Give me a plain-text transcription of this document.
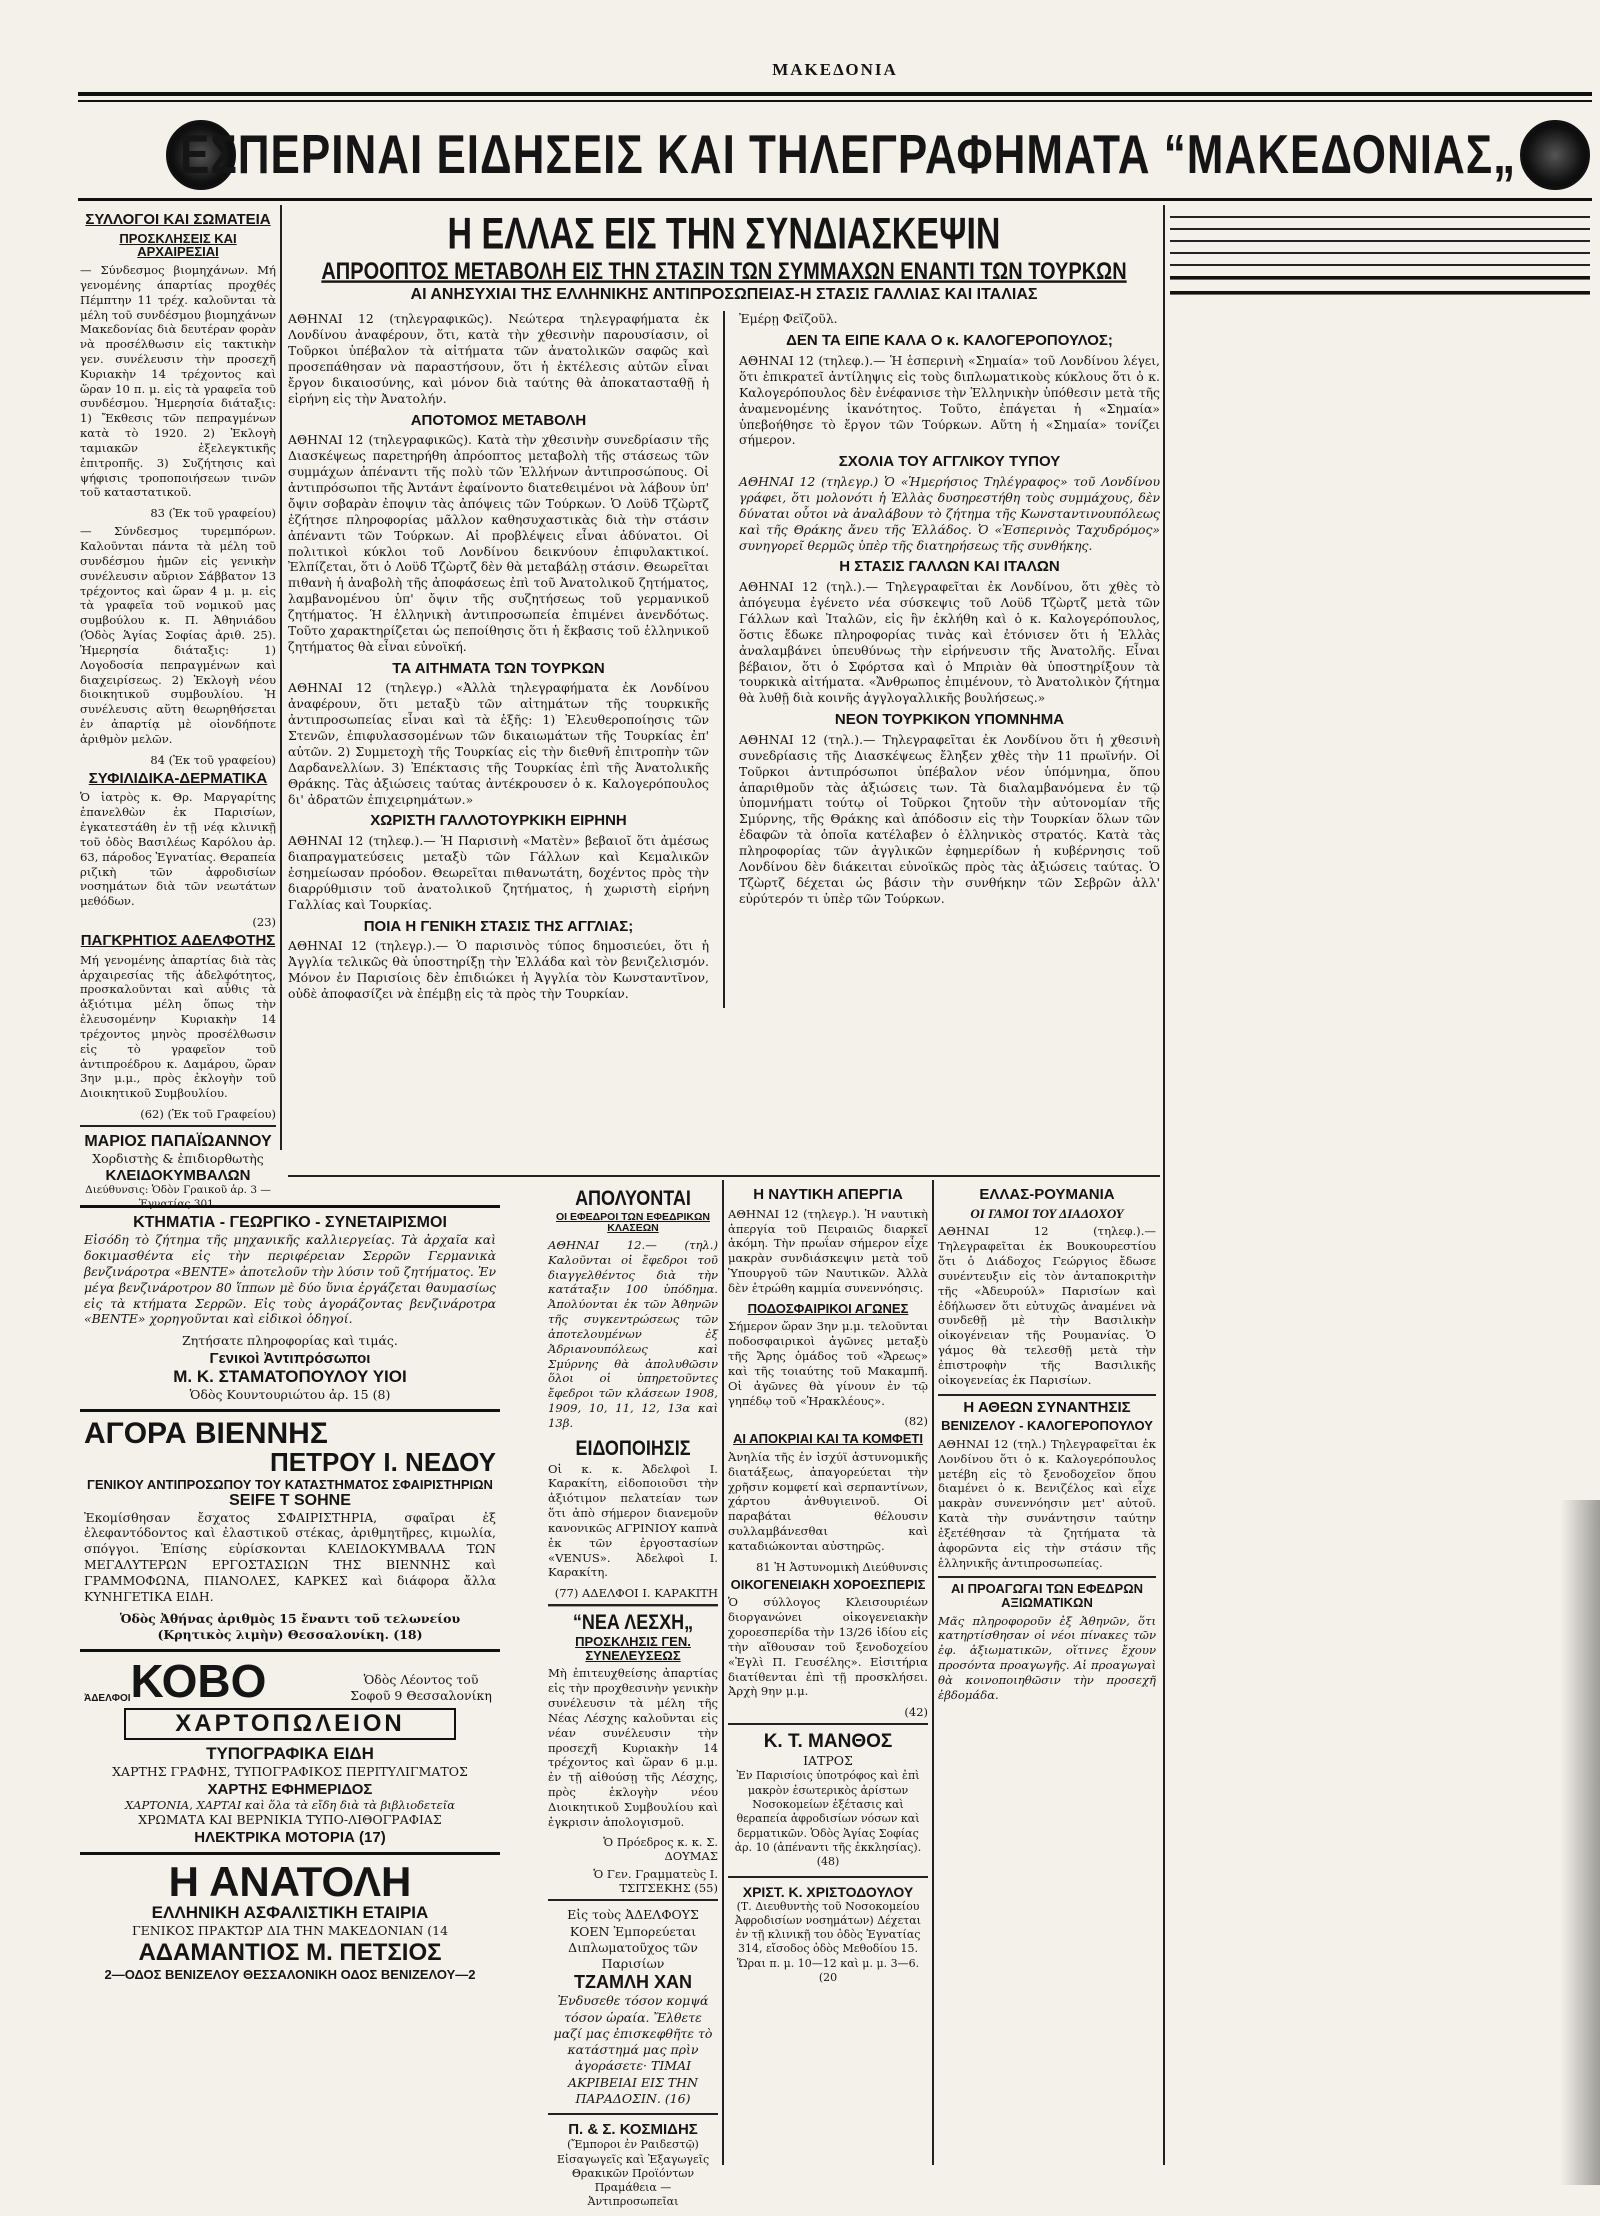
ΜΑΚΕΔΟΝΙΑ
ΕΣΠΕΡΙΝΑΙ ΕΙΔΗΣΕΙΣ ΚΑΙ ΤΗΛΕΓΡΑΦΗΜΑΤΑ “ΜΑΚΕΔΟΝΙΑΣ„
ΣΥΛΛΟΓΟΙ ΚΑΙ ΣΩΜΑΤΕΙΑ
ΠΡΟΣΚΛΗΣΕΙΣ ΚΑΙ ΑΡΧΑΙΡΕΣΙΑΙ

— Σύνδεσμος βιομηχάνων. Μή γενομένης άπαρτίας προχθές Πέμπτην 11 τρέχ. καλοῦνται τὰ μέλη τοῦ συνδέσμου βιομηχάνων Μακεδονίας διὰ δευτέραν φορὰν νὰ προσέλθωσιν εἰς τακτικὴν γεν. συνέλευσιν τὴν προσεχῆ Κυριακὴν 14 τρέχοντος καὶ ὥραν 10 π. μ. εἰς τὰ γραφεῖα τοῦ συνδέσμου. Ἡμερησία διάταξις: 1) Ἔκθεσις τῶν πεπραγμένων κατὰ τὸ 1920. 2) Ἐκλογὴ ταμιακῶν ἐξελεγκτικῆς ἐπιτροπῆς. 3) Συζήτησις καὶ ψήφισις τροποποιήσεων τινῶν τοῦ καταστατικοῦ.

83 (Ἐκ τοῦ γραφείου)

— Σύνδεσμος τυρεμπόρων. Καλοῦνται πάντα τὰ μέλη τοῦ συνδέσμου ἡμῶν εἰς γενικὴν συνέλευσιν αὔριον Σάββατον 13 τρέχοντος καὶ ὥραν 4 μ. μ. εἰς τὰ γραφεῖα τοῦ νομικοῦ μας συμβούλου κ. Π. Ἀθηνιάδου (Ὁδὸς Ἁγίας Σοφίας ἀριθ. 25). Ἡμερησία διάταξις: 1) Λογοδοσία πεπραγμένων καὶ διαχειρίσεως. 2) Ἐκλογὴ νέου διοικητικοῦ συμβουλίου. Ἡ συνέλευσις αὕτη θεωρηθήσεται ἐν ἀπαρτίᾳ μὲ οἱονδήποτε ἀριθμὸν μελῶν.

84 (Ἐκ τοῦ γραφείου)
ΣΥΦΙΛΙΔΙΚΑ-ΔΕΡΜΑΤΙΚΑ

Ὁ ἰατρὸς κ. Θρ. Μαργαρίτης ἐπανελθὼν ἐκ Παρισίων, ἐγκατεστάθη ἐν τῇ νέᾳ κλινικῇ τοῦ ὁδὸς Βασιλέως Καρόλου ἀρ. 63, πάροδος Ἐγνατίας. Θεραπεία ριζικὴ τῶν ἀφροδισίων νοσημάτων διὰ τῶν νεωτάτων μεθόδων.

(23)
ΠΑΓΚΡΗΤΙΟΣ ΑΔΕΛΦΟΤΗΣ

Μή γενομένης ἀπαρτίας διὰ τὰς ἀρχαιρεσίας τῆς ἀδελφότητος, προσκαλοῦνται καὶ αὖθις τὰ ἀξιότιμα μέλη ὅπως τὴν ἐλευσομένην Κυριακὴν 14 τρέχοντος μηνὸς προσέλθωσιν εἰς τὸ γραφεῖον τοῦ ἀντιπροέδρου κ. Δαμάρου, ὥραν 3ην μ.μ., πρὸς ἐκλογὴν τοῦ Διοικητικοῦ Συμβουλίου.

(62) (Ἐκ τοῦ Γραφείου)
ΜΑΡΙΟΣ ΠΑΠΑΪΩΑΝΝΟΥ
Χορδιστὴς & ἐπιδιορθωτὴς
ΚΛΕΙΔΟΚΥΜΒΑΛΩΝ
Διεύθυνσις: Ὁδὸν Γραικοῦ ἀρ. 3 — Ἐγνατίας 301.
ΚΤΗΜΑΤΙΑ - ΓΕΩΡΓΙΚΟ - ΣΥΝΕΤΑΙΡΙΣΜΟΙ

Εἰσόδη τὸ ζήτημα τῆς μηχανικῆς καλλιεργείας. Τὰ ἀρχαῖα καὶ δοκιμασθέντα εἰς τὴν περιφέρειαν Σερρῶν Γερμανικὰ βενζινάροτρα «ΒΕΝΤΕ» ἀποτελοῦν τὴν λύσιν τοῦ ζητήματος. Ἐν μέγα βενζινάροτρον 80 ἵππων μὲ δύο ὕνια ἐργάζεται θαυμασίως εἰς τὰ κτήματα Σερρῶν. Εἰς τοὺς ἀγοράζοντας βενζινάροτρα «ΒΕΝΤΕ» χορηγοῦνται καὶ εἰδικοὶ ὁδηγοί.

Ζητήσατε πληροφορίας καὶ τιμάς.
Γενικοὶ Ἀντιπρόσωποι
Μ. Κ. ΣΤΑΜΑΤΟΠΟΥΛΟΥ ΥΙΟΙ
Ὁδὸς Κουντουριώτου ἀρ. 15 (8)
ΑΓΟΡΑ ΒΙΕΝΝΗΣ
ΠΕΤΡΟΥ Ι. ΝΕΔΟΥ
ΓΕΝΙΚΟΥ ΑΝΤΙΠΡΟΣΩΠΟΥ ΤΟΥ ΚΑΤΑΣΤΗΜΑΤΟΣ ΣΦΑΙΡΙΣΤΗΡΙΩΝ
SEIFE T SOHNE

Ἐκομίσθησαν ἔσχατος ΣΦΑΙΡΙΣΤΗΡΙΑ, σφαῖραι ἐξ ἐλεφαντόδοντος καὶ ἐλαστικοῦ στέκας, ἀριθμητῆρες, κιμωλία, σπόγγοι. Ἐπίσης εὑρίσκονται ΚΛΕΙΔΟΚΥΜΒΑΛΑ ΤΩΝ ΜΕΓΑΛΥΤΕΡΩΝ ΕΡΓΟΣΤΑΣΙΩΝ ΤΗΣ ΒΙΕΝΝΗΣ καὶ ΓΡΑΜΜΟΦΩΝΑ, ΠΙΑΝΟΛΕΣ, ΚΑΡΚΕΣ καὶ διάφορα ἄλλα ΚΥΝΗΓΕΤΙΚΑ ΕΙΔΗ.

Ὁδὸς Ἀθήνας ἀριθμὸς 15 ἔναντι τοῦ τελωνείου (Κρητικὸς λιμὴν) Θεσσαλονίκη. (18)
ἈΔΕΛΦΟΙ ΚΟΒΟ	Ὁδὸς Λέοντος τοῦ Σοφοῦ 9 Θεσσαλονίκη
ΧΑΡΤΟΠΩΛΕΙΟΝ
ΤΥΠΟΓΡΑΦΙΚΑ ΕΙΔΗ
ΧΑΡΤΗΣ ΓΡΑΦΗΣ, ΤΥΠΟΓΡΑΦΙΚΟΣ ΠΕΡΙΤΥΛΙΓΜΑΤΟΣ
ΧΑΡΤΗΣ ΕΦΗΜΕΡΙΔΟΣ
ΧΑΡΤΟΝΙΑ, ΧΑΡΤΑΙ καὶ ὅλα τὰ εἴδη διὰ τὰ βιβλιοδετεῖα
ΧΡΩΜΑΤΑ ΚΑΙ ΒΕΡΝΙΚΙΑ ΤΥΠΟ-ΛΙΘΟΓΡΑΦΙΑΣ
ΗΛΕΚΤΡΙΚΑ ΜΟΤΟΡΙΑ (17)
Η ΑΝΑΤΟΛΗ
ΕΛΛΗΝΙΚΗ ΑΣΦΑΛΙΣΤΙΚΗ ΕΤΑΙΡΙΑ
ΓΕΝΙΚΟΣ ΠΡΑΚΤΩΡ ΔΙΑ ΤΗΝ ΜΑΚΕΔΟΝΙΑΝ (14
ΑΔΑΜΑΝΤΙΟΣ Μ. ΠΕΤΣΙΟΣ
2—ΟΔΟΣ ΒΕΝΙΖΕΛΟΥ ΘΕΣΣΑΛΟΝΙΚΗ ΟΔΟΣ ΒΕΝΙΖΕΛΟΥ—2
Η ΕΛΛΑΣ ΕΙΣ ΤΗΝ ΣΥΝΔΙΑΣΚΕΨΙΝ
ΑΠΡΟΟΠΤΟΣ ΜΕΤΑΒΟΛΗ ΕΙΣ ΤΗΝ ΣΤΑΣΙΝ ΤΩΝ ΣΥΜΜΑΧΩΝ ΕΝΑΝΤΙ ΤΩΝ ΤΟΥΡΚΩΝ
ΑΙ ΑΝΗΣΥΧΙΑΙ ΤΗΣ ΕΛΛΗΝΙΚΗΣ ΑΝΤΙΠΡΟΣΩΠΕΙΑΣ-Η ΣΤΑΣΙΣ ΓΑΛΛΙΑΣ ΚΑΙ ΙΤΑΛΙΑΣ

ΑΘΗΝΑΙ 12 (τηλεγραφικῶς). Νεώτερα τηλεγραφήματα ἐκ Λονδίνου ἀναφέρουν, ὅτι, κατὰ τὴν χθεσινὴν παρουσίασιν, οἱ Τοῦρκοι ὑπέβαλον τὰ αἰτήματα τῶν ἀνατολικῶν σαφῶς καὶ προσεπάθησαν νὰ παραστήσουν, ὅτι ἡ ἐκτέλεσις αὐτῶν εἶναι ἔργον δικαιοσύνης, καὶ μόνον διὰ ταύτης θὰ ἀποκατασταθῇ ἡ εἰρήνη εἰς τὴν Ἀνατολήν.

ΑΠΟΤΟΜΟΣ ΜΕΤΑΒΟΛΗ

ΑΘΗΝΑΙ 12 (τηλεγραφικῶς). Κατὰ τὴν χθεσινὴν συνεδρίασιν τῆς Διασκέψεως παρετηρήθη ἀπρόοπτος μεταβολὴ τῆς στάσεως τῶν συμμάχων ἀπέναντι τῆς πολὺ τῶν Ἑλλήνων ἀντιπροσώπους. Οἱ ἀντιπρόσωποι τῆς Ἀντάντ ἐφαίνοντο διατεθειμένοι νὰ λάβουν ὑπ' ὄψιν σοβαρὰν ἐποψιν τὰς ἀπόψεις τῶν Τούρκων. Ὁ Λοϋδ Τζὼρτζ ἐζήτησε πληροφορίας μᾶλλον καθησυχαστικὰς διὰ τὴν στάσιν ἀπέναντι τῶν Τούρκων. Αἱ προβλέψεις εἶναι ἀδύνατοι. Οἱ πολιτικοὶ κύκλοι τοῦ Λονδίνου δεικνύουν ἐπιφυλακτικοί. Ἐλπίζεται, ὅτι ὁ Λοϋδ Τζὼρτζ δὲν θὰ μεταβάλῃ στάσιν. Θεωρεῖται πιθανὴ ἡ ἀναβολὴ τῆς ἀποφάσεως ἐπὶ τοῦ Ἀνατολικοῦ ζητήματος, λαμβανομένου ὑπ' ὄψιν τῆς συζητήσεως τοῦ γερμανικοῦ ζητήματος. Ἡ ἑλληνικὴ ἀντιπροσωπεία ἐπιμένει ἀνενδότως. Τοῦτο χαρακτηρίζεται ὡς πεποίθησις ὅτι ἡ ἔκβασις τοῦ ἑλληνικοῦ ζητήματος θὰ εἶναι εὐνοϊκή.

ΤΑ ΑΙΤΗΜΑΤΑ ΤΩΝ ΤΟΥΡΚΩΝ

ΑΘΗΝΑΙ 12 (τηλεγρ.) «Ἀλλὰ τηλεγραφήματα ἐκ Λονδίνου ἀναφέρουν, ὅτι μεταξὺ τῶν αἰτημάτων τῆς τουρκικῆς ἀντιπροσωπείας εἶναι καὶ τὰ ἑξῆς: 1) Ἐλευθεροποίησις τῶν Στενῶν, ἐπιφυλασσομένων τῶν δικαιωμάτων τῆς Τουρκίας ἐπ' αὐτῶν. 2) Συμμετοχὴ τῆς Τουρκίας εἰς τὴν διεθνῆ ἐπιτροπὴν τῶν Δαρδανελλίων. 3) Ἐπέκτασις τῆς Τουρκίας ἐπὶ τῆς Ἀνατολικῆς Θράκης. Τὰς ἀξιώσεις ταύτας ἀντέκρουσεν ὁ κ. Καλογερόπουλος δι' ἀδρατῶν ἐπιχειρημάτων.»

ΧΩΡΙΣΤΗ ΓΑΛΛΟΤΟΥΡΚΙΚΗ ΕΙΡΗΝΗ

ΑΘΗΝΑΙ 12 (τηλεφ.).— Ἡ Παρισινὴ «Ματὲν» βεβαιοῖ ὅτι ἀμέσως διαπραγματεύσεις μεταξὺ τῶν Γάλλων καὶ Κεμαλικῶν ἐσημείωσαν πρόοδον. Θεωρεῖται πιθανωτάτη, δοχέντος πρὸς τὴν διαρρύθμισιν τοῦ ἀνατολικοῦ ζητήματος, ἡ χωριστὴ εἰρήνη Γαλλίας καὶ Τουρκίας.

ΠΟΙΑ Η ΓΕΝΙΚΗ ΣΤΑΣΙΣ ΤΗΣ ΑΓΓΛΙΑΣ;

ΑΘΗΝΑΙ 12 (τηλεγρ.).— Ὁ παρισινὸς τύπος δημοσιεύει, ὅτι ἡ Ἀγγλία τελικῶς θὰ ὑποστηρίξῃ τὴν Ἑλλάδα καὶ τὸν βενιζελισμόν. Μόνον ἐν Παρισίοις δὲν ἐπιδιώκει ἡ Ἀγγλία τὸν Κωνσταντῖνον, οὐδὲ ἀποφασίζει νὰ ἐπέμβῃ εἰς τὰ πρὸς τὴν Τουρκίαν.

Ἐμέρῃ Φεϊζοῦλ.

ΔΕΝ ΤΑ ΕΙΠΕ ΚΑΛΑ Ο κ. ΚΑΛΟΓΕΡΟΠΟΥΛΟΣ;

ΑΘΗΝΑΙ 12 (τηλεφ.).— Ἡ ἑσπερινὴ «Σημαία» τοῦ Λονδίνου λέγει, ὅτι ἐπικρατεῖ ἀντίληψις εἰς τοὺς διπλωματικοὺς κύκλους ὅτι ὁ κ. Καλογερόπουλος δὲν ἐνέφανισε τὴν Ἑλληνικὴν ὑπόθεσιν μετὰ τῆς ἀναμενομένης ἱκανότητος. Τοῦτο, ἐπάγεται ἡ «Σημαία» ὑπεβοήθησε τὸ ἔργον τῶν Τούρκων. Αὕτη ἡ «Σημαία» τονίζει σήμερον.

ΣΧΟΛΙΑ ΤΟΥ ΑΓΓΛΙΚΟΥ ΤΥΠΟΥ

ΑΘΗΝΑΙ 12 (τηλεγρ.) Ὁ «Ἡμερήσιος Τηλέγραφος» τοῦ Λονδίνου γράφει, ὅτι μολονότι ἡ Ἑλλὰς δυσηρεστήθη τοὺς συμμάχους, δὲν δύναται οὗτοι νὰ ἀναλάβουν τὸ ζήτημα τῆς Κωνσταντινουπόλεως καὶ τῆς Θράκης ἄνευ τῆς Ἑλλάδος. Ὁ «Ἐσπερινὸς Ταχυδρόμος» συνηγορεῖ θερμῶς ὑπὲρ τῆς διατηρήσεως τῆς συνθήκης.

Η ΣΤΑΣΙΣ ΓΑΛΛΩΝ ΚΑΙ ΙΤΑΛΩΝ

ΑΘΗΝΑΙ 12 (τηλ.).— Τηλεγραφεῖται ἐκ Λονδίνου, ὅτι χθὲς τὸ ἀπόγευμα ἐγένετο νέα σύσκεψις τοῦ Λοϋδ Τζὼρτζ μετὰ τῶν Γάλλων καὶ Ἰταλῶν, εἰς ἣν ἐκλήθη καὶ ὁ κ. Καλογερόπουλος, ὅστις ἔδωκε πληροφορίας τινὰς καὶ ἐτόνισεν ὅτι ἡ Ἑλλὰς ἀναλαμβάνει ὑπευθύνως τὴν εἰρήνευσιν τῆς Ἀνατολῆς. Εἶναι βέβαιον, ὅτι ὁ Σφόρτσα καὶ ὁ Μπριὰν θὰ ὑποστηρίξουν τὰ τουρκικὰ αἰτήματα. «Ἄνθρωπος ἐπιμένουν, τὸ Ἀνατολικὸν ζήτημα θὰ λυθῇ διὰ κοινῆς ἀγγλογαλλικῆς βουλήσεως.»

ΝΕΟΝ ΤΟΥΡΚΙΚΟΝ ΥΠΟΜΝΗΜΑ

ΑΘΗΝΑΙ 12 (τηλ.).— Τηλεγραφεῖται ἐκ Λονδίνου ὅτι ἡ χθεσινὴ συνεδρίασις τῆς Διασκέψεως ἔληξεν χθὲς τὴν 11 πρωϊνήν. Οἱ Τοῦρκοι ἀντιπρόσωποι ὑπέβαλον νέον ὑπόμνημα, ὅπου ἀπαριθμοῦν τὰς ἀξιώσεις των. Τὰ διαλαμβανόμενα ἐν τῷ ὑπομνήματι τούτῳ οἱ Τοῦρκοι ζητοῦν τὴν αὐτονομίαν τῆς Σμύρνης, τῆς Θράκης καὶ ἀπόδοσιν εἰς τὴν Τουρκίαν ὅλων τῶν ἐδαφῶν τὰ ὁποῖα κατέλαβεν ὁ ἑλληνικὸς στρατός. Κατὰ τὰς πληροφορίας τῶν ἀγγλικῶν ἐφημερίδων ἡ κυβέρνησις τοῦ Λονδίνου δὲν διάκειται εὐνοϊκῶς πρὸς τὰς ἀξιώσεις ταύτας. Ὁ Τζὼρτζ δέχεται ὡς βάσιν τὴν συνθήκην τῶν Σεβρῶν ἀλλ' εὐρύτερόν τι ὑπὲρ τῶν Τούρκων.

ΑΠΟΛΥΟΝΤΑΙ
ΟΙ ΕΦΕΔΡΟΙ ΤΩΝ ΕΦΕΔΡΙΚΩΝ ΚΛΑΣΕΩΝ

ΑΘΗΝΑΙ 12.— (τηλ.) Καλοῦνται οἱ ἔφεδροι τοῦ διαγγελθέντος διὰ τὴν κατάταξιν 100 ὑπόδημα. Ἀπολύονται ἐκ τῶν Ἀθηνῶν τῆς συγκεντρώσεως τῶν ἀποτελουμένων ἐξ Ἀδριανουπόλεως καὶ Σμύρνης θὰ ἀπολυθῶσιν ὅλοι οἱ ὑπηρετοῦντες ἔφεδροι τῶν κλάσεων 1908, 1909, 10, 11, 12, 13α καὶ 13β.

ΕΙΔΟΠΟΙΗΣΙΣ

Οἱ κ. κ. Ἀδελφοὶ Ι. Καρακίτη, εἰδοποιοῦσι τὴν ἀξιότιμον πελατείαν των ὅτι ἀπὸ σήμερον διανεμοῦν κανονικῶς ΑΓΡΙΝΙΟΥ καπνὰ ἐκ τῶν ἐργοστασίων «VENUS». Ἀδελφοὶ Ι. Καρακίτη.

(77) ΑΔΕΛΦΟΙ Ι. ΚΑΡΑΚΙΤΗ
“ΝΕΑ ΛΕΣΧΗ„
ΠΡΟΣΚΛΗΣΙΣ ΓΕΝ. ΣΥΝΕΛΕΥΣΕΩΣ

Μὴ ἐπιτευχθείσης ἀπαρτίας εἰς τὴν προχθεσινὴν γενικὴν συνέλευσιν τὰ μέλη τῆς Νέας Λέσχης καλοῦνται εἰς νέαν συνέλευσιν τὴν προσεχῆ Κυριακὴν 14 τρέχοντος καὶ ὥραν 6 μ.μ. ἐν τῇ αἰθούσῃ τῆς Λέσχης, πρὸς ἐκλογὴν νέου Διοικητικοῦ Συμβουλίου καὶ ἐγκρισιν ἀπολογισμοῦ.

Ὁ Πρόεδρος κ. κ. Σ. ΔΟΥΜΑΣ
Ὁ Γεν. Γραμματεὺς Ι. ΤΣΙΤΣΕΚΗΣ (55)
Εἰς τοὺς ἈΔΕΛΦΟΥΣ ΚΟΕΝ Ἐμπορεύεται Διπλωματοῦχος τῶν Παρισίων
ΤΖΑΜΛΗ ΧΑΝ
Ἐνδυσεθε τόσον κομψά τόσον ὡραία. Ἔλθετε μαζί μας ἐπισκεφθῆτε τὸ κατάστημά μας πρὶν ἀγοράσετε· ΤΙΜΑΙ ΑΚΡΙΒΕΙΑΙ ΕΙΣ ΤΗΝ ΠΑΡΑΔΟΣΙΝ. (16)
Π. & Σ. ΚΟΣΜΙΔΗΣ
(Ἔμποροι ἐν Ραιδεστῷ) Εἰσαγωγεῖς καὶ Ἐξαγωγεῖς Θρακικῶν Προϊόντων Πραμάθεια — Ἀντιπροσωπεῖαι
Η ΝΑΥΤΙΚΗ ΑΠΕΡΓΙΑ

ΑΘΗΝΑΙ 12 (τηλεγρ.). Ἡ ναυτικὴ ἀπεργία τοῦ Πειραιῶς διαρκεῖ ἀκόμη. Τὴν πρωΐαν σήμερον εἶχε μακρὰν συνδιάσκεψιν μετὰ τοῦ Ὑπουργοῦ τῶν Ναυτικῶν. Ἀλλὰ δὲν ἐτρώθη καμμία συνεννόησις.

ΠΟΔΟΣΦΑΙΡΙΚΟΙ ΑΓΩΝΕΣ

Σήμερον ὥραν 3ην μ.μ. τελοῦνται ποδοσφαιρικοὶ ἀγῶνες μεταξὺ τῆς Ἄρης ὁμάδος τοῦ «Ἄρεως» καὶ τῆς τοιαύτης τοῦ Μακαμπῆ. Οἱ ἀγῶνες θὰ γίνουν ἐν τῷ γηπέδῳ τοῦ «Ἡρακλέους».

(82)
ΑΙ ΑΠΟΚΡΙΑΙ ΚΑΙ ΤΑ ΚΟΜΦΕΤΙ

Ἀνηλία τῆς ἐν ἰσχύϊ ἀστυνομικῆς διατάξεως, ἀπαγορεύεται τὴν χρῆσιν κομφετί καὶ σερπαντίνων, χάρτου ἀνθυγιεινοῦ. Οἱ παραβάται θέλουσιν συλλαμβάνεσθαι καὶ καταδιώκονται αὐστηρῶς.

81 Ἡ Ἀστυνομικὴ Διεύθυνσις
ΟΙΚΟΓΕΝΕΙΑΚΗ ΧΟΡΟΕΣΠΕΡΙΣ

Ὁ σύλλογος Κλεισουριέων διοργανώνει οἰκογενειακὴν χοροεσπερίδα τὴν 13/26 ἰδίου εἰς τὴν αἴθουσαν τοῦ ξενοδοχείου «Ἐγλὶ Π. Γευσέλης». Εἰσιτήρια διατίθενται ἐπὶ τῇ προσκλήσει. Ἀρχὴ 9ην μ.μ.

(42)
Κ. Τ. ΜΑΝΘΟΣ
ΙΑΤΡΟΣ
Ἐν Παρισίοις ὑποτρόφος καὶ ἐπὶ μακρὸν ἐσωτερικὸς ἀρίστων Νοσοκομείων ἐξέτασις καὶ θεραπεία ἀφροδισίων νόσων καὶ δερματικῶν. Ὁδὸς Ἁγίας Σοφίας ἀρ. 10 (ἀπέναντι τῆς ἐκκλησίας). (48)
ΧΡΙΣΤ. Κ. ΧΡΙΣΤΟΔΟΥΛΟΥ
(Τ. Διευθυντὴς τοῦ Νοσοκομείου Ἀφροδισίων νοσημάτων) Δέχεται ἐν τῇ κλινικῇ του ὁδὸς Ἐγνατίας 314, εἴσοδος ὁδὸς Μεθοδίου 15. Ὥραι π. μ. 10—12 καὶ μ. μ. 3—6. (20
ΕΛΛΑΣ-ΡΟΥΜΑΝΙΑ
ΟΙ ΓΑΜΟΙ ΤΟΥ ΔΙΑΔΟΧΟΥ

ΑΘΗΝΑΙ 12 (τηλεφ.).— Τηλεγραφεῖται ἐκ Βουκουρεστίου ὅτι ὁ Διάδοχος Γεώργιος ἔδωσε συνέντευξιν εἰς τὸν ἀνταποκριτὴν τῆς «Ἀδευρούλ» Παρισίων καὶ ἐδήλωσεν ὅτι εὐτυχῶς ἀναμένει νὰ συνδεθῇ μὲ τὴν Βασιλικὴν οἰκογένειαν τῆς Ρουμανίας. Ὁ γάμος θὰ τελεσθῇ μετὰ τὴν ἐπιστροφὴν τῆς Βασιλικῆς οἰκογενείας ἐκ Παρισίων.

Η ΑΘΕΩΝ ΣΥΝΑΝΤΗΣΙΣ
ΒΕΝΙΖΕΛΟΥ - ΚΑΛΟΓΕΡΟΠΟΥΛΟΥ

ΑΘΗΝΑΙ 12 (τηλ.) Τηλεγραφεῖται ἐκ Λονδίνου ὅτι ὁ κ. Καλογερόπουλος μετέβη εἰς τὸ ξενοδοχεῖον ὅπου διαμένει ὁ κ. Βενιζέλος καὶ εἶχε μακρὰν συνεννόησιν μετ' αὐτοῦ. Κατὰ τὴν συνάντησιν ταύτην ἐξετέθησαν τὰ ζητήματα τὰ ἀφορῶντα εἰς τὴν στάσιν τῆς ἑλληνικῆς ἀντιπροσωπείας.

ΑΙ ΠΡΟΑΓΩΓΑΙ ΤΩΝ ΕΦΕΔΡΩΝ ΑΞΙΩΜΑΤΙΚΩΝ

Μᾶς πληροφοροῦν ἐξ Ἀθηνῶν, ὅτι κατηρτίσθησαν οἱ νέοι πίνακες τῶν ἐφ. ἀξιωματικῶν, οἵτινες ἔχουν προσόντα προαγωγῆς. Αἱ προαγωγαὶ θὰ κοινοποιηθῶσιν τὴν προσεχῆ ἑβδομάδα.
